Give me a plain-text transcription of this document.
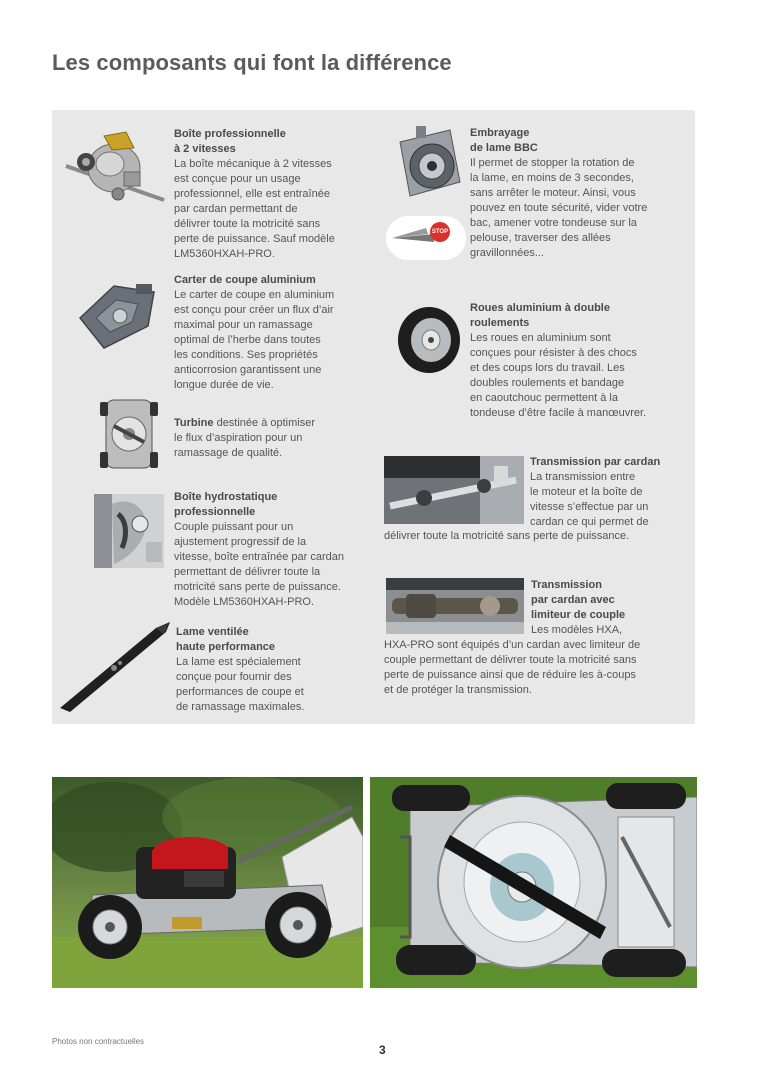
Les composants qui font la différence
Boîte professionnelle
à 2 vitesses
La boîte mécanique à 2 vitesses
est conçue pour un usage
professionnel, elle est entraînée
par cardan permettant de
délivrer toute la motricité sans
perte de puissance. Sauf modèle
LM5360HXAH-PRO.
Carter de coupe aluminium
Le carter de coupe en aluminium
est conçu pour créer un flux d’air
maximal pour un ramassage
optimal de l’herbe dans toutes
les conditions. Ses propriétés
anticorrosion garantissent une
longue durée de vie.
Turbine destinée à optimiser
le flux d’aspiration pour un
ramassage de qualité.
Boîte hydrostatique
professionnelle
Couple puissant pour un
ajustement progressif de la
vitesse, boîte entraînée par cardan
permettant de délivrer toute la
motricité sans perte de puissance.
Modèle LM5360HXAH-PRO.
Lame ventilée
haute performance
La lame est spécialement
conçue pour fournir des
performances de coupe et
de ramassage maximales.
STOP
Embrayage
de lame BBC
Il permet de stopper la rotation de
la lame, en moins de 3 secondes,
sans arrêter le moteur. Ainsi, vous
pouvez en toute sécurité, vider votre
bac, amener votre tondeuse sur la
pelouse, traverser des allées
gravillonnées...
Roues aluminium à double
roulements
Les roues en aluminium sont
conçues pour résister à des chocs
et des coups lors du travail. Les
doubles roulements et bandage
en caoutchouc permettent à la
tondeuse d’être facile à manœuvrer.
Transmission par cardan
La transmission entre
le moteur et la boîte de
vitesse s’effectue par un
cardan ce qui permet de
délivrer toute la motricité sans perte de puissance.
Transmission
par cardan avec
limiteur de couple
Les modèles HXA,
HXA-PRO sont équipés d’un cardan avec limiteur de
couple permettant de délivrer toute la motricité sans
perte de puissance ainsi que de réduire les à-coups
et de protéger la transmission.
Photos non contractuelles
3
